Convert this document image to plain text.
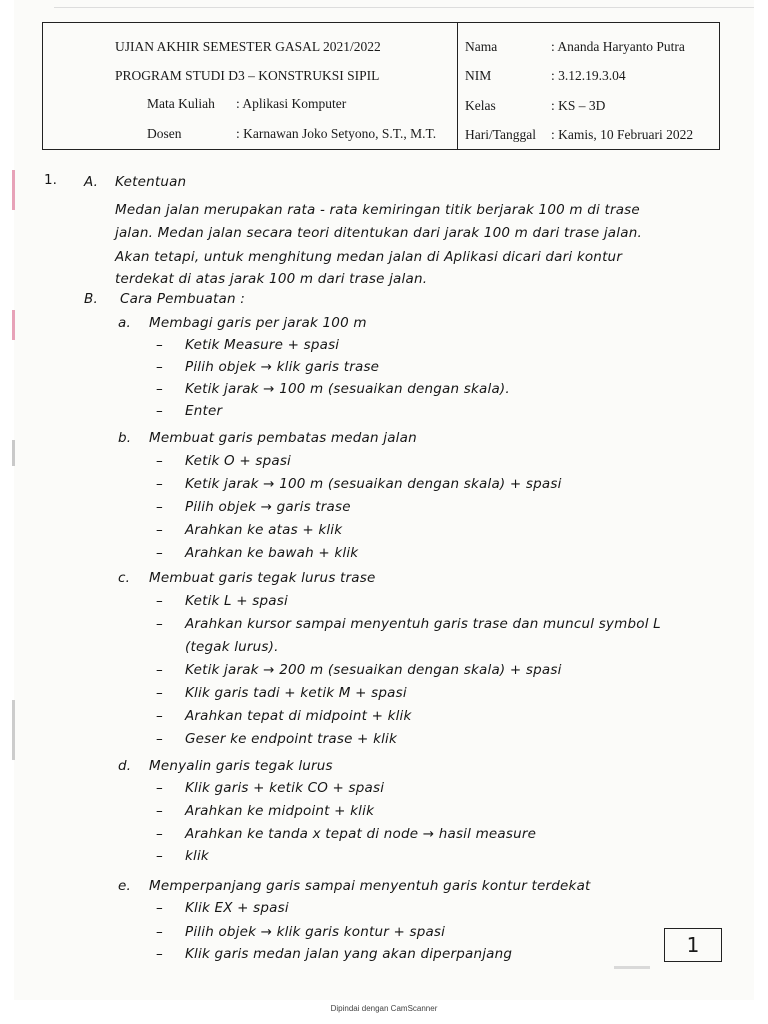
UJIAN AKHIR SEMESTER GASAL 2021/2022
PROGRAM STUDI D3 – KONSTRUKSI SIPIL
Mata Kuliah : Aplikasi Komputer
Dosen	: Karnawan Joko Setyono, S.T., M.T.
Nama	: Ananda Haryanto Putra
NIM	: 3.12.19.3.04
Kelas	: KS – 3D
Hari/Tanggal : Kamis, 10 Februari 2022
1. A. Ketentuan
Medan jalan merupakan rata - rata kemiringan titik berjarak 100 m di trase
jalan. Medan jalan secara teori ditentukan dari jarak 100 m dari trase jalan.
Akan tetapi, untuk menghitung medan jalan di Aplikasi dicari dari kontur
terdekat di atas jarak 100 m dari trase jalan.
B. Cara Pembuatan :
a. Membagi garis per jarak 100 m
– Ketik Measure + spasi
– Pilih objek → klik garis trase
– Ketik jarak → 100 m (sesuaikan dengan skala).
– Enter
b. Membuat garis pembatas medan jalan
– Ketik O + spasi
– Ketik jarak → 100 m (sesuaikan dengan skala) + spasi
– Pilih objek → garis trase
– Arahkan ke atas + klik
– Arahkan ke bawah + klik
c. Membuat garis tegak lurus trase
– Ketik L + spasi
– Arahkan kursor sampai menyentuh garis trase dan muncul symbol L
(tegak lurus).
– Ketik jarak → 200 m (sesuaikan dengan skala) + spasi
– Klik garis tadi + ketik M + spasi
– Arahkan tepat di midpoint + klik
– Geser ke endpoint trase + klik
d. Menyalin garis tegak lurus
– Klik garis + ketik CO + spasi
– Arahkan ke midpoint + klik
– Arahkan ke tanda x tepat di node → hasil measure
– klik
e. Memperpanjang garis sampai menyentuh garis kontur terdekat
– Klik EX + spasi
– Pilih objek → klik garis kontur + spasi
– Klik garis medan jalan yang akan diperpanjang	1
Dipindai dengan CamScanner
